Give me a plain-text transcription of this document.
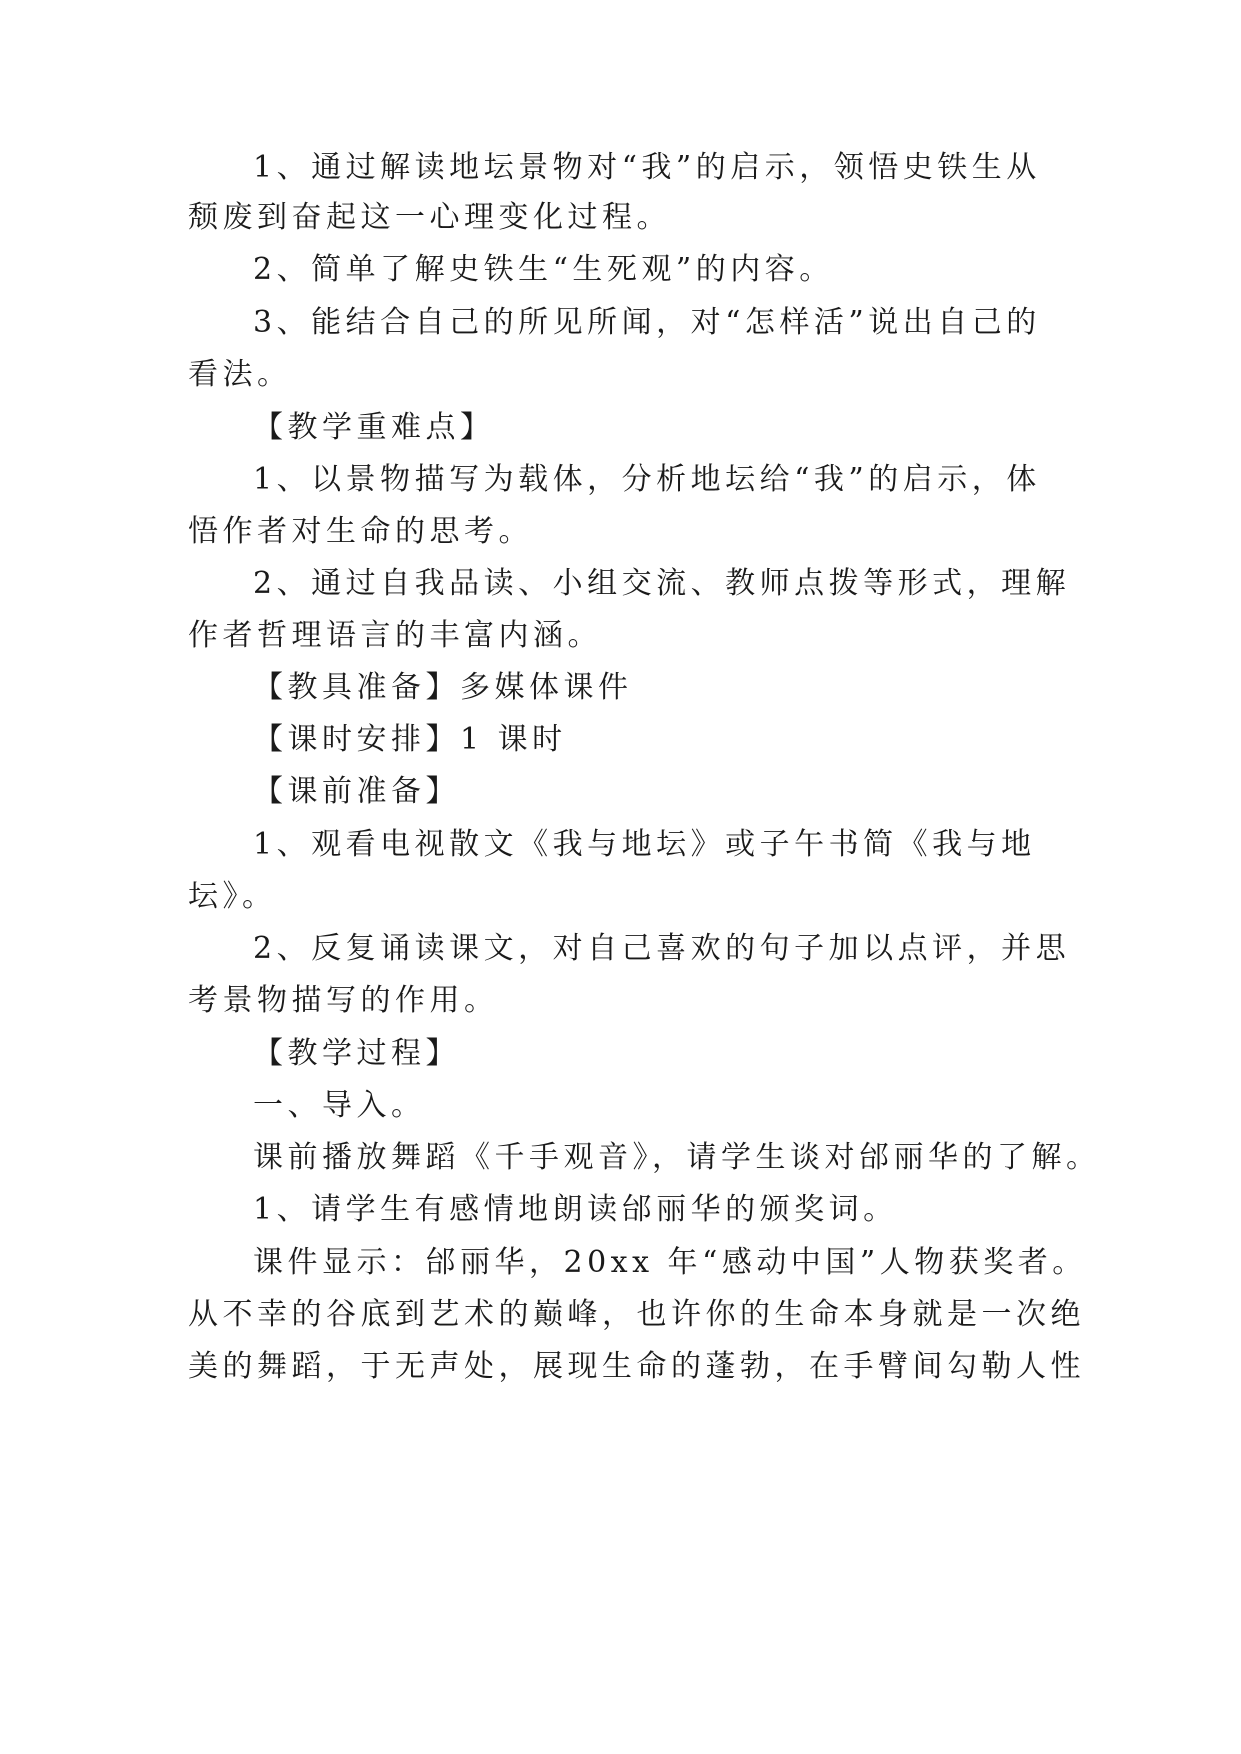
1、通过解读地坛景物对“我”的启示，领悟史铁生从
颓废到奋起这一心理变化过程。
2、简单了解史铁生“生死观”的内容。
3、能结合自己的所见所闻，对“怎样活”说出自己的
看法。
【教学重难点】
1、以景物描写为载体，分析地坛给“我”的启示，体
悟作者对生命的思考。
2、通过自我品读、小组交流、教师点拨等形式，理解
作者哲理语言的丰富内涵。
【教具准备】多媒体课件
【课时安排】1 课时
【课前准备】
1、观看电视散文《我与地坛》或子午书简《我与地
坛》。
2、反复诵读课文，对自己喜欢的句子加以点评，并思
考景物描写的作用。
【教学过程】
一、导入。
课前播放舞蹈《千手观音》，请学生谈对邰丽华的了解。
1、请学生有感情地朗读邰丽华的颁奖词。
课件显示：邰丽华，20xx 年“感动中国”人物获奖者。
从不幸的谷底到艺术的巅峰，也许你的生命本身就是一次绝
美的舞蹈，于无声处，展现生命的蓬勃，在手臂间勾勒人性
